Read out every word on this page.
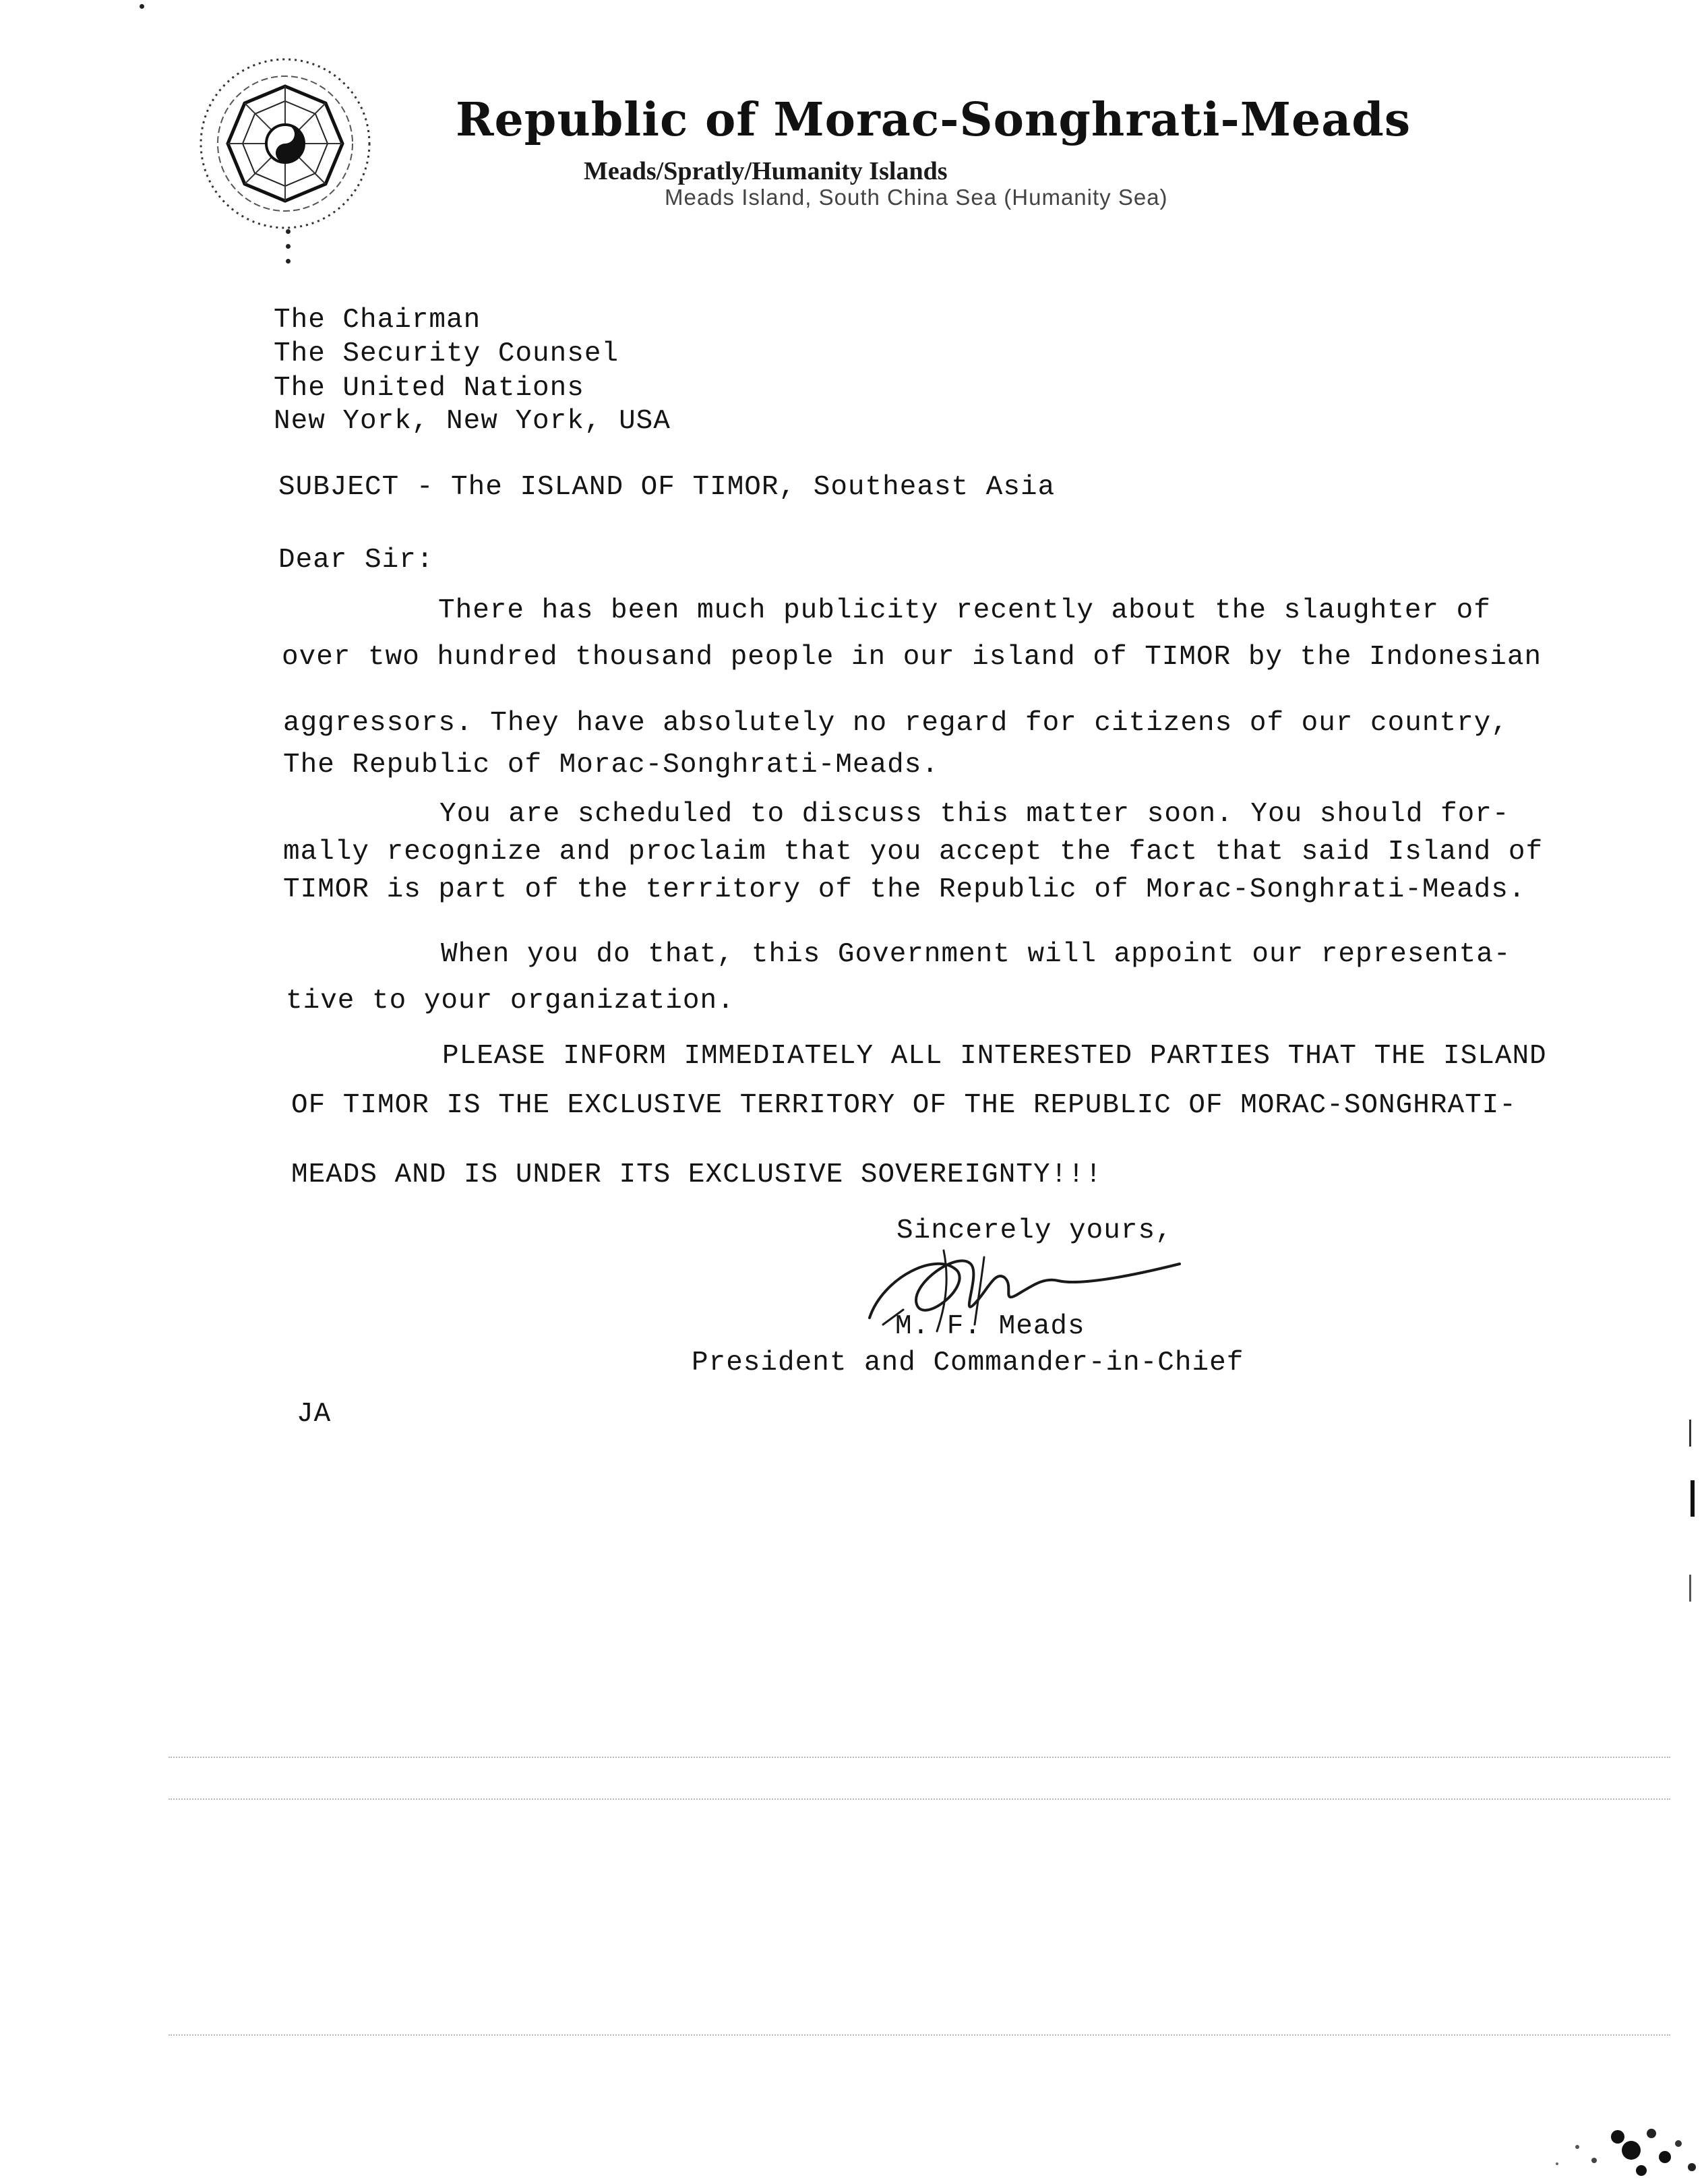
Republic of Morac-Songhrati-Meads
Meads/Spratly/Humanity Islands
Meads Island, South China Sea (Humanity Sea)
The Chairman
The Security Counsel
The United Nations
New York, New York, USA
SUBJECT - The ISLAND OF TIMOR, Southeast Asia
Dear Sir:
There has been much publicity recently about the slaughter of
over two hundred thousand people in our island of TIMOR by the Indonesian
aggressors. They have absolutely no regard for citizens of our country,
The Republic of Morac-Songhrati-Meads.
You are scheduled to discuss this matter soon. You should for-
mally recognize and proclaim that you accept the fact that said Island of
TIMOR is part of the territory of the Republic of Morac-Songhrati-Meads.
When you do that, this Government will appoint our representa-
tive to your organization.
PLEASE INFORM IMMEDIATELY ALL INTERESTED PARTIES THAT THE ISLAND
OF TIMOR IS THE EXCLUSIVE TERRITORY OF THE REPUBLIC OF MORAC-SONGHRATI-
MEADS AND IS UNDER ITS EXCLUSIVE SOVEREIGNTY!!!
Sincerely yours,
M. F. Meads
President and Commander-in-Chief
JA
